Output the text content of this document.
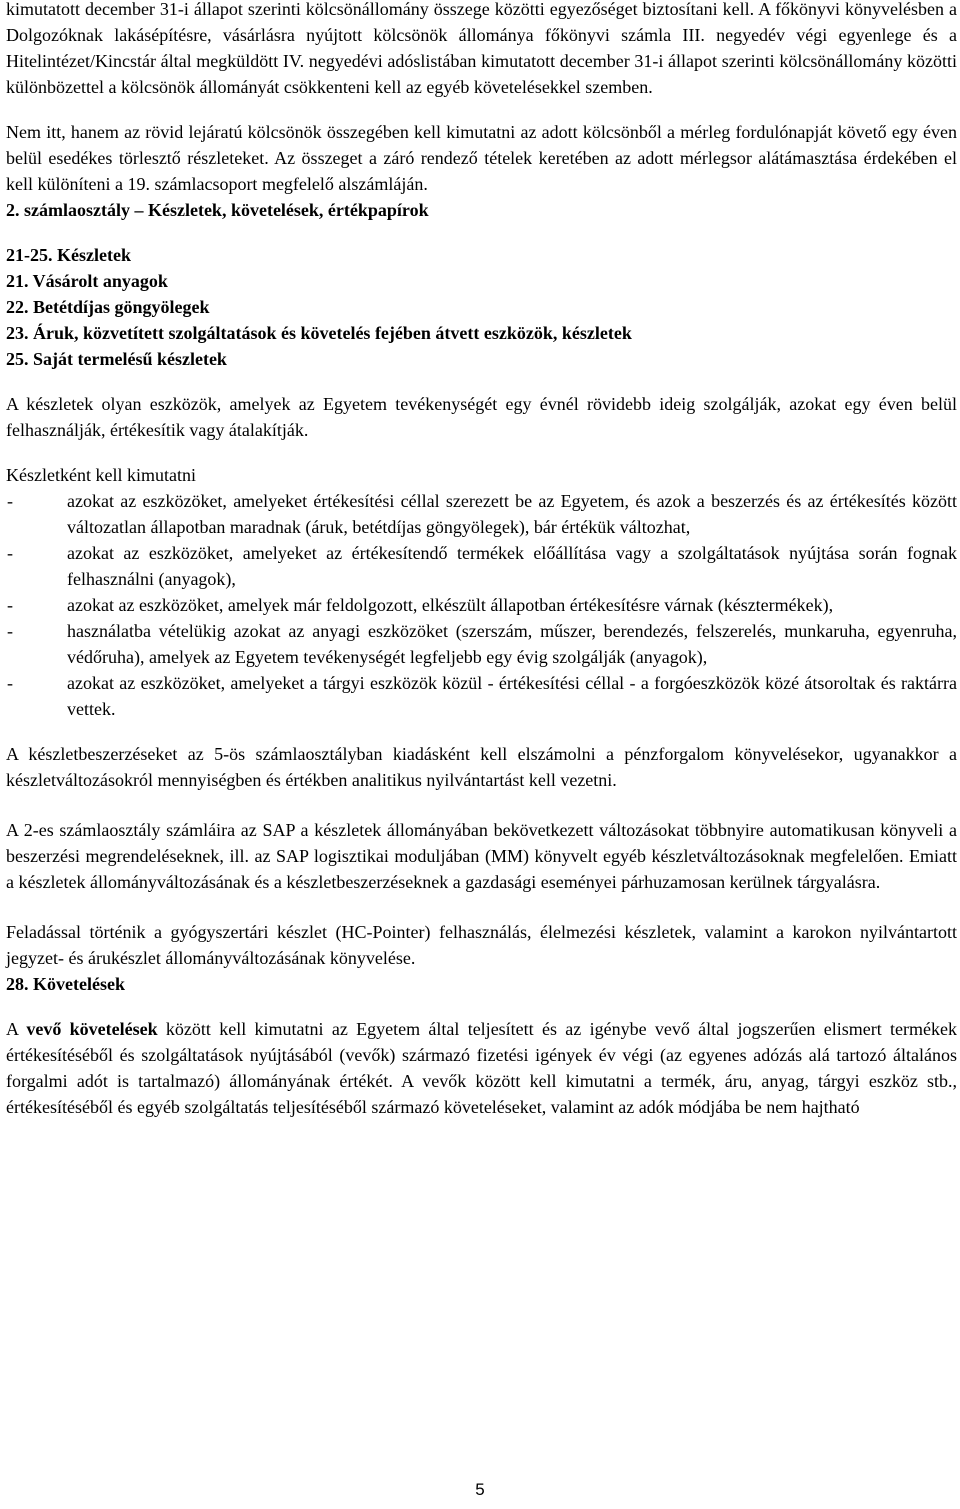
kimutatott december 31-i állapot szerinti kölcsönállomány összege közötti egyezőséget biztosítani kell. A főkönyvi könyvelésben a Dolgozóknak lakásépítésre, vásárlásra nyújtott kölcsönök állománya főkönyvi számla III. negyedév végi egyenlege és a Hitelintézet/Kincstár által megküldött IV. negyedévi adóslistában kimutatott december 31-i állapot szerinti kölcsönállomány közötti különbözettel a kölcsönök állományát csökkenteni kell az egyéb követelésekkel szemben.

Nem itt, hanem az rövid lejáratú kölcsönök összegében kell kimutatni az adott kölcsönből a mérleg fordulónapját követő egy éven belül esedékes törlesztő részleteket. Az összeget a záró rendező tételek keretében az adott mérlegsor alátámasztása érdekében el kell különíteni a 19. számlacsoport megfelelő alszámláján.

2. számlaosztály – Készletek, követelések, értékpapírok

21-25. Készletek

21. Vásárolt anyagok

22. Betétdíjas göngyölegek

23. Áruk, közvetített szolgáltatások és követelés fejében átvett eszközök, készletek

25. Saját termelésű készletek

A készletek olyan eszközök, amelyek az Egyetem tevékenységét egy évnél rövidebb ideig szolgálják, azokat egy éven belül felhasználják, értékesítik vagy átalakítják.

Készletként kell kimutatni

-	azokat az eszközöket, amelyeket értékesítési céllal szerezett be az Egyetem, és azok a beszerzés és az értékesítés között változatlan állapotban maradnak (áruk, betétdíjas göngyölegek), bár értékük változhat,
-	azokat az eszközöket, amelyeket az értékesítendő termékek előállítása vagy a szolgáltatások nyújtása során fognak felhasználni (anyagok),
-	azokat az eszközöket, amelyek már feldolgozott, elkészült állapotban értékesítésre várnak (késztermékek),
-	használatba vételükig azokat az anyagi eszközöket (szerszám, műszer, berendezés, felszerelés, munkaruha, egyenruha, védőruha), amelyek az Egyetem tevékenységét legfeljebb egy évig szolgálják (anyagok),
-	azokat az eszközöket, amelyeket a tárgyi eszközök közül - értékesítési céllal - a forgóeszközök közé átsoroltak és raktárra vettek.

A készletbeszerzéseket az 5-ös számlaosztályban kiadásként kell elszámolni a pénzforgalom könyvelésekor, ugyanakkor a készletváltozásokról mennyiségben és értékben analitikus nyilvántartást kell vezetni.

A 2-es számlaosztály számláira az SAP a készletek állományában bekövetkezett változásokat többnyire automatikusan könyveli a beszerzési megrendeléseknek, ill. az SAP logisztikai moduljában (MM) könyvelt egyéb készletváltozásoknak megfelelően. Emiatt a készletek állományváltozásának és a készletbeszerzéseknek a gazdasági eseményei párhuzamosan kerülnek tárgyalásra.

Feladással történik a gyógyszertári készlet (HC-Pointer) felhasználás, élelmezési készletek, valamint a karokon nyilvántartott jegyzet- és árukészlet állományváltozásának könyvelése.

28. Követelések

A vevő követelések között kell kimutatni az Egyetem által teljesített és az igénybe vevő által jogszerűen elismert termékek értékesítéséből és szolgáltatások nyújtásából (vevők) származó fizetési igények év végi (az egyenes adózás alá tartozó általános forgalmi adót is tartalmazó) állományának értékét. A vevők között kell kimutatni a termék, áru, anyag, tárgyi eszköz stb., értékesítéséből és egyéb szolgáltatás teljesítéséből származó követeléseket, valamint az adók módjába be nem hajtható

5
